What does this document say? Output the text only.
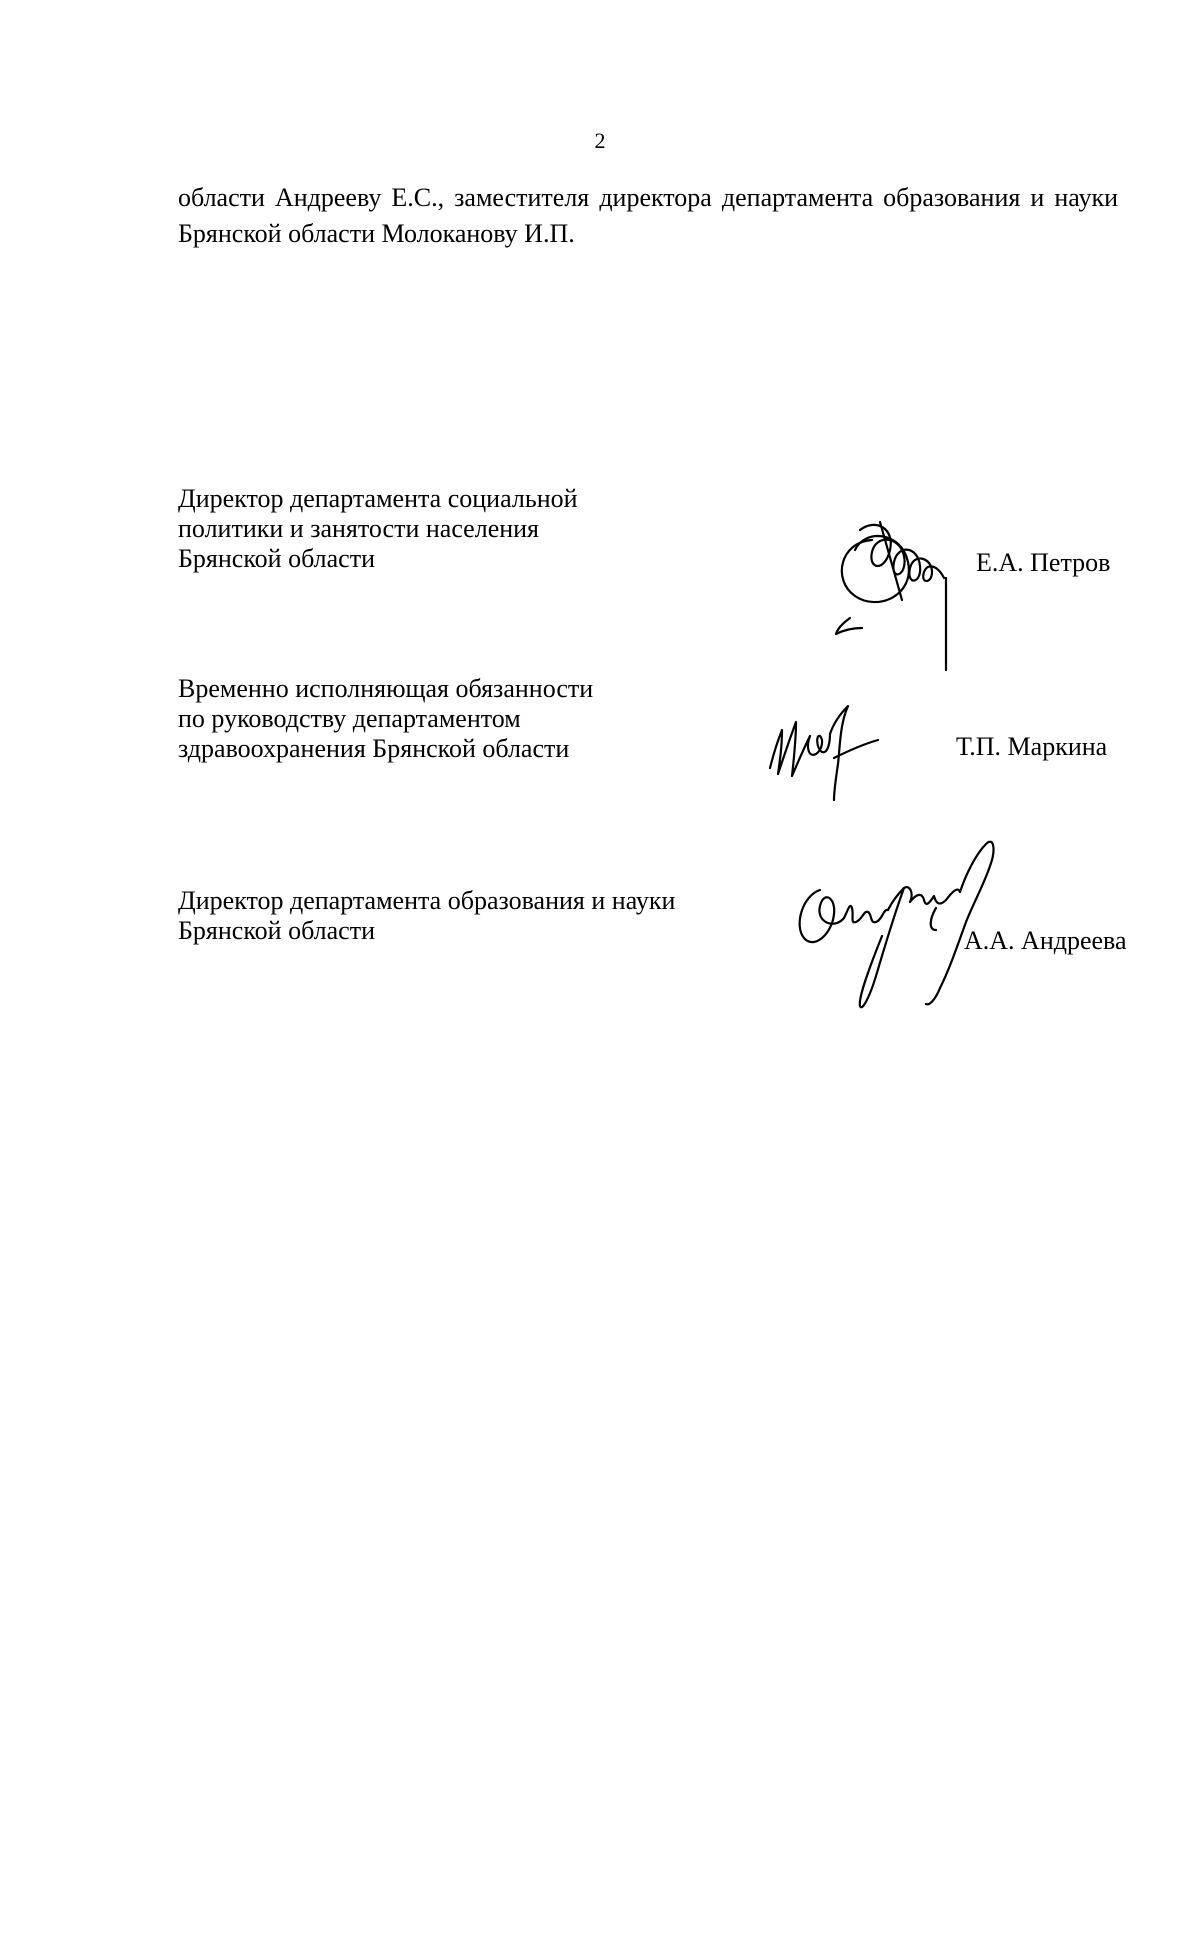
2
области Андрееву Е.С., заместителя директора департамента образования и науки
Брянской области Молоканову И.П.
Директор департамента социальной
политики и занятости населения
Брянской области	Е.А. Петров
Временно исполняющая обязанности
по руководству департаментом
здравоохранения Брянской области	Т.П. Маркина
Директор департамента образования и науки
Брянской области	А.А. Андреева
